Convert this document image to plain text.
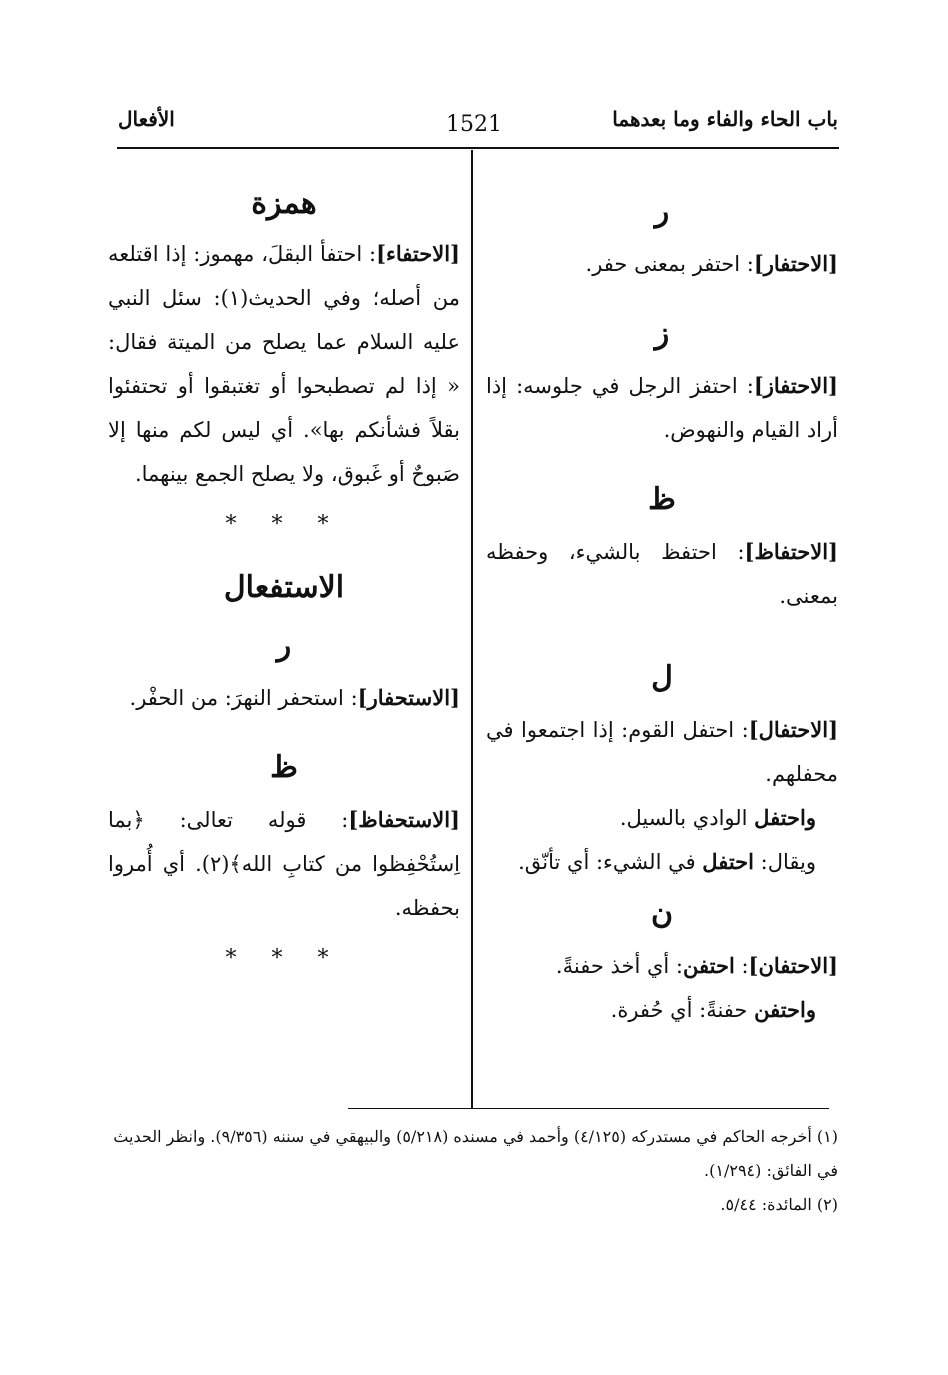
باب الحاء والفاء وما بعدهما
1521
الأفعال

ر

[الاحتفار]: احتفر بمعنى حفر.

ز

[الاحتفاز]: احتفز الرجل في جلوسه: إذا أراد القيام والنهوض.

ظ

[الاحتفاظ]: احتفظ بالشيء، وحفظه بمعنى.

ل

[الاحتفال]: احتفل القوم: إذا اجتمعوا في محفلهم.

واحتفل الوادي بالسيل.

ويقال: احتفل في الشيء: أي تأنّق.

ن

[الاحتفان]: احتفن: أي أخذ حفنةً.

واحتفن حفنةً: أي حُفرة.

همزة

[الاحتفاء]: احتفأ البقلَ، مهموز: إذا اقتلعه من أصله؛ وفي الحديث(١): سئل النبي عليه السلام عما يصلح من الميتة فقال: « إذا لم تصطبحوا أو تغتبقوا أو تحتفئوا بقلاً فشأنكم بها». أي ليس لكم منها إلا صَبوحٌ أو غَبوق، ولا يصلح الجمع بينهما.

* * *

الاستفعال

ر

[الاستحفار]: استحفر النهرَ: من الحفْر.

ظ

[الاستحفاظ]: قوله تعالى: ﴿بما اِستُحْفِظوا من كتابِ الله﴾(٢). أي أُمروا بحفظه.

* * *

(١) أخرجه الحاكم في مستدركه (٤/١٢٥) وأحمد في مسنده (٥/٢١٨) والبيهقي في سننه (٩/٣٥٦). وانظر الحديث في الفائق: (١/٢٩٤).

(٢) المائدة: ٥/٤٤.
